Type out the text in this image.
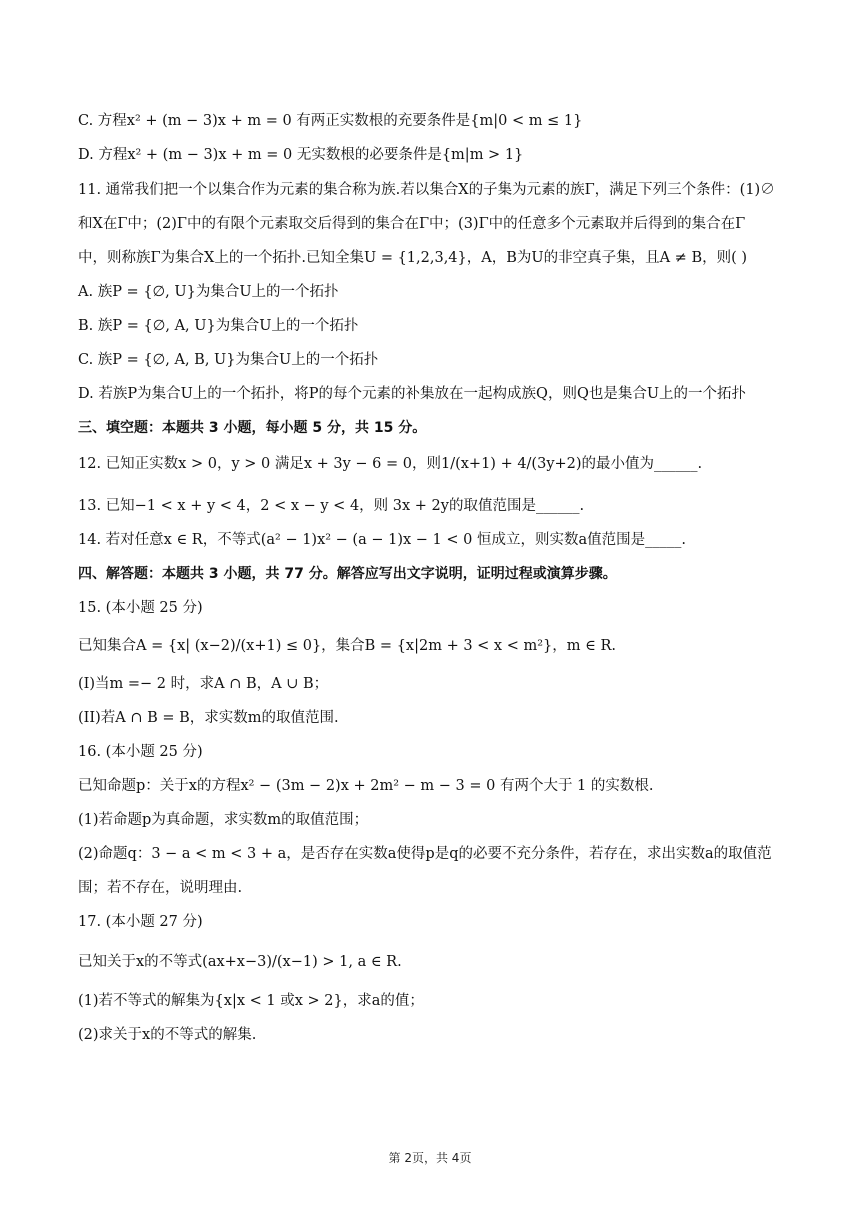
C. 方程x² + (m − 3)x + m = 0 有两正实数根的充要条件是{m|0 < m ≤ 1}
D. 方程x² + (m − 3)x + m = 0 无实数根的必要条件是{m|m > 1}
11. 通常我们把一个以集合作为元素的集合称为族.若以集合X的子集为元素的族Γ，满足下列三个条件：(1)∅
和X在Γ中；(2)Γ中的有限个元素取交后得到的集合在Γ中；(3)Γ中的任意多个元素取并后得到的集合在Γ
中，则称族Γ为集合X上的一个拓扑.已知全集U = {1,2,3,4}，A，B为U的非空真子集，且A ≠ B，则( )
A. 族P = {∅, U}为集合U上的一个拓扑
B. 族P = {∅, A, U}为集合U上的一个拓扑
C. 族P = {∅, A, B, U}为集合U上的一个拓扑
D. 若族P为集合U上的一个拓扑，将P的每个元素的补集放在一起构成族Q，则Q也是集合U上的一个拓扑
三、填空题：本题共 3 小题，每小题 5 分，共 15 分。
12. 已知正实数x > 0，y > 0 满足x + 3y − 6 = 0，则1/(x+1) + 4/(3y+2)的最小值为______.
13. 已知−1 < x + y < 4，2 < x − y < 4，则 3x + 2y的取值范围是______.
14. 若对任意x ∈ R，不等式(a² − 1)x² − (a − 1)x − 1 < 0 恒成立，则实数a值范围是_____.
四、解答题：本题共 3 小题，共 77 分。解答应写出文字说明，证明过程或演算步骤。
15. (本小题 25 分)
已知集合A = {x| (x−2)/(x+1) ≤ 0}，集合B = {x|2m + 3 < x < m²}，m ∈ R.
(I)当m =− 2 时，求A ∩ B，A ∪ B；
(II)若A ∩ B = B，求实数m的取值范围.
16. (本小题 25 分)
已知命题p：关于x的方程x² − (3m − 2)x + 2m² − m − 3 = 0 有两个大于 1 的实数根.
(1)若命题p为真命题，求实数m的取值范围；
(2)命题q：3 − a < m < 3 + a，是否存在实数a使得p是q的必要不充分条件，若存在，求出实数a的取值范
围；若不存在，说明理由.
17. (本小题 27 分)
已知关于x的不等式(ax+x−3)/(x−1) > 1, a ∈ R.
(1)若不等式的解集为{x|x < 1 或x > 2}，求a的值；
(2)求关于x的不等式的解集.
第 2页，共 4页
